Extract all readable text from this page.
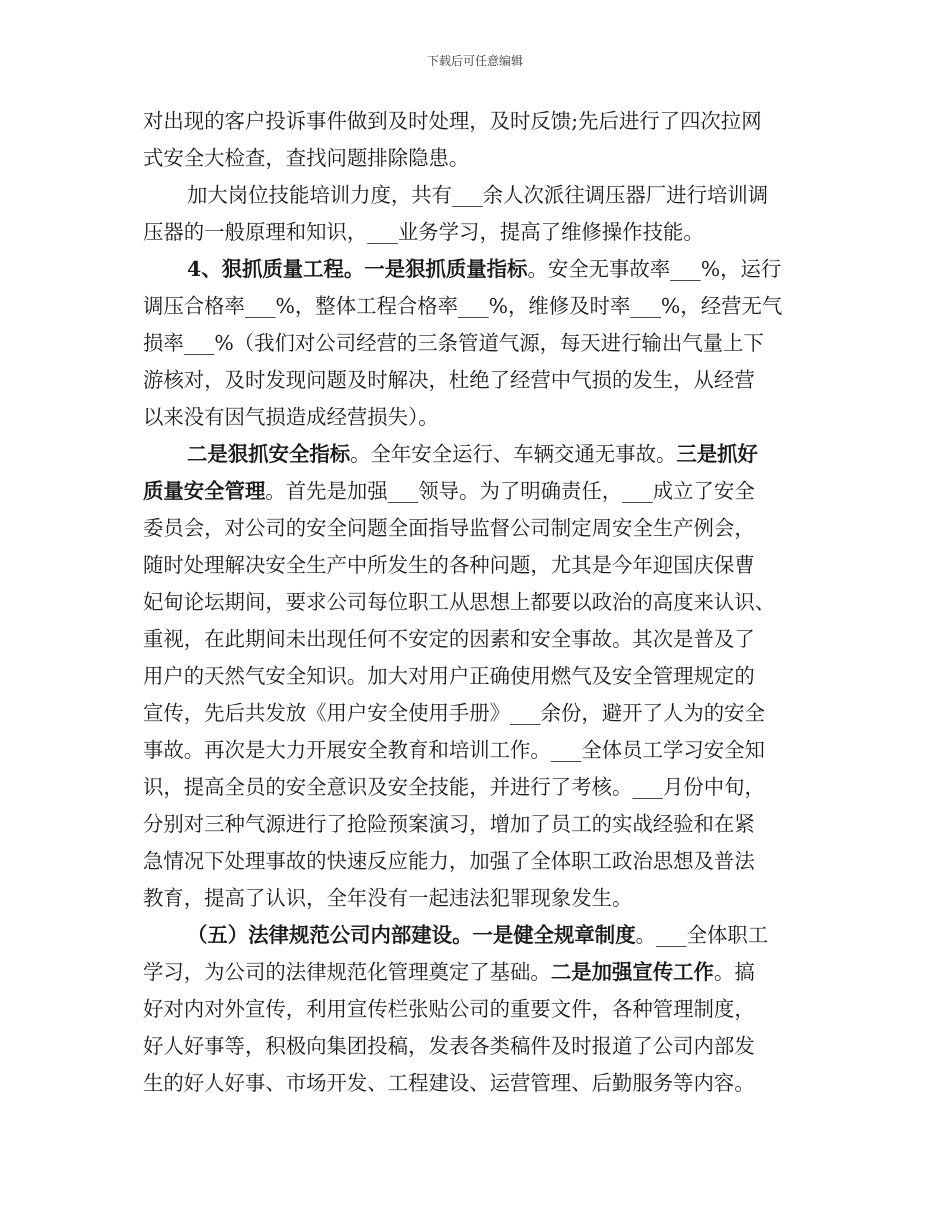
下载后可任意编辑
对出现的客户投诉事件做到及时处理，及时反馈;先后进行了四次拉网
式安全大检查，查找问题排除隐患。
加大岗位技能培训力度，共有___余人次派往调压器厂进行培训调
压器的一般原理和知识，___业务学习，提高了维修操作技能。
4、狠抓质量工程。一是狠抓质量指标。安全无事故率___%，运行
调压合格率___%，整体工程合格率___%，维修及时率___%，经营无气
损率___%（我们对公司经营的三条管道气源，每天进行输出气量上下
游核对，及时发现问题及时解决，杜绝了经营中气损的发生，从经营
以来没有因气损造成经营损失）。
二是狠抓安全指标。全年安全运行、车辆交通无事故。三是抓好
质量安全管理。首先是加强___领导。为了明确责任，___成立了安全
委员会，对公司的安全问题全面指导监督公司制定周安全生产例会，
随时处理解决安全生产中所发生的各种问题，尤其是今年迎国庆保曹
妃甸论坛期间，要求公司每位职工从思想上都要以政治的高度来认识、
重视，在此期间未出现任何不安定的因素和安全事故。其次是普及了
用户的天然气安全知识。加大对用户正确使用燃气及安全管理规定的
宣传，先后共发放《用户安全使用手册》___余份，避开了人为的安全
事故。再次是大力开展安全教育和培训工作。___全体员工学习安全知
识，提高全员的安全意识及安全技能，并进行了考核。___月份中旬，
分别对三种气源进行了抢险预案演习，增加了员工的实战经验和在紧
急情况下处理事故的快速反应能力，加强了全体职工政治思想及普法
教育，提高了认识，全年没有一起违法犯罪现象发生。
（五）法律规范公司内部建设。一是健全规章制度。___全体职工
学习，为公司的法律规范化管理奠定了基础。二是加强宣传工作。搞
好对内对外宣传，利用宣传栏张贴公司的重要文件，各种管理制度，
好人好事等，积极向集团投稿，发表各类稿件及时报道了公司内部发
生的好人好事、市场开发、工程建设、运营管理、后勤服务等内容。
